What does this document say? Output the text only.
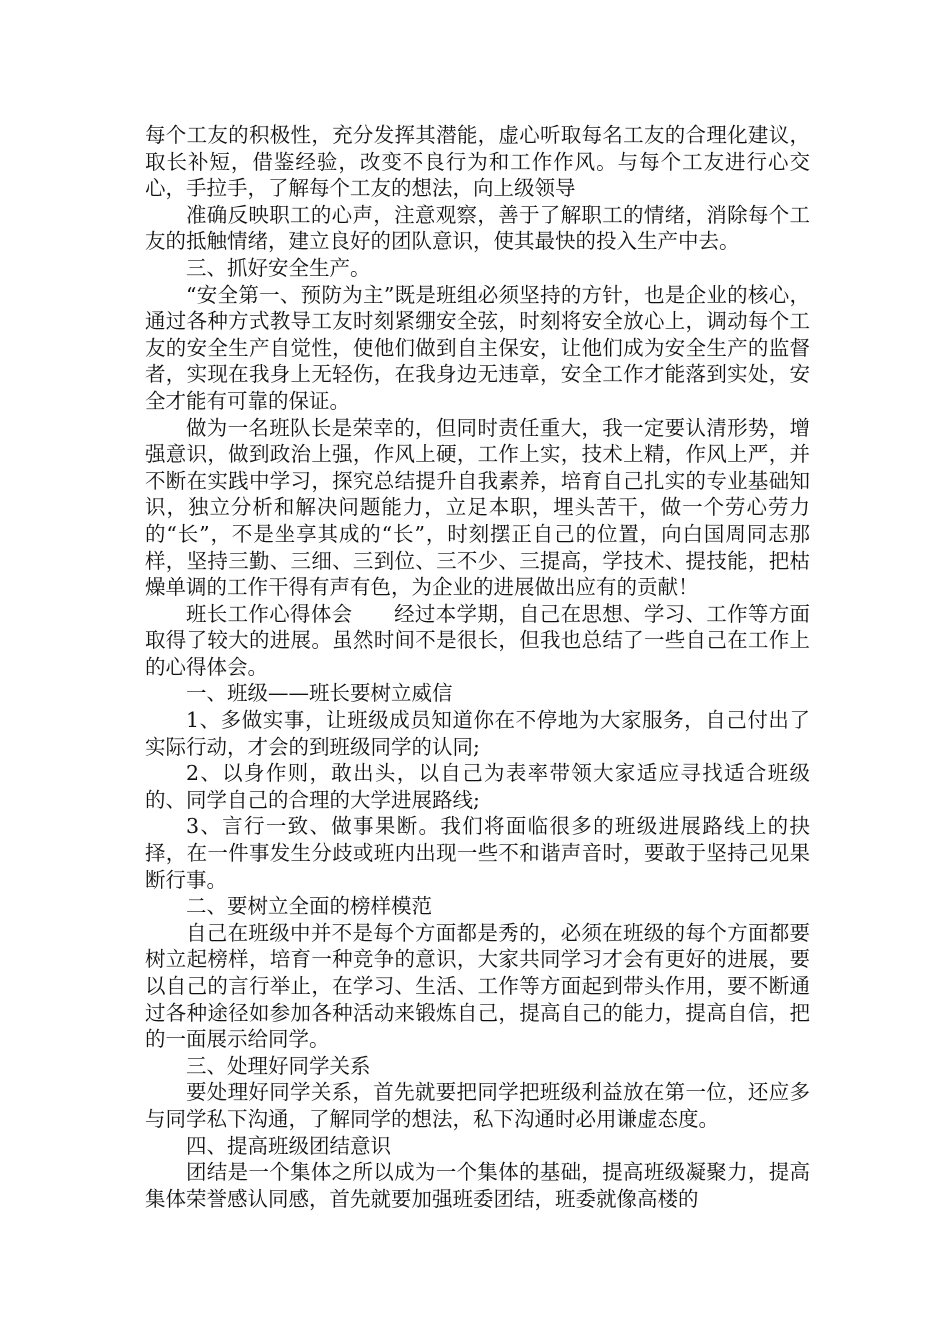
每个工友的积极性，充分发挥其潜能，虚心听取每名工友的合理化建议，取长补短，借鉴经验，改变不良行为和工作作风。与每个工友进行心交心，手拉手，了解每个工友的想法，向上级领导

准确反映职工的心声，注意观察，善于了解职工的情绪，消除每个工友的抵触情绪，建立良好的团队意识，使其最快的投入生产中去。

三、抓好安全生产。

“安全第一、预防为主”既是班组必须坚持的方针，也是企业的核心，通过各种方式教导工友时刻紧绷安全弦，时刻将安全放心上，调动每个工友的安全生产自觉性，使他们做到自主保安，让他们成为安全生产的监督者，实现在我身上无轻伤，在我身边无违章，安全工作才能落到实处，安全才能有可靠的保证。

做为一名班队长是荣幸的，但同时责任重大，我一定要认清形势，增强意识，做到政治上强，作风上硬，工作上实，技术上精，作风上严，并不断在实践中学习，探究总结提升自我素养，培育自己扎实的专业基础知识，独立分析和解决问题能力，立足本职，埋头苦干，做一个劳心劳力的“长”，不是坐享其成的“长”，时刻摆正自己的位置，向白国周同志那样，坚持三勤、三细、三到位、三不少、三提高，学技术、提技能，把枯燥单调的工作干得有声有色，为企业的进展做出应有的贡献！

班长工作心得体会　　经过本学期，自己在思想、学习、工作等方面取得了较大的进展。虽然时间不是很长，但我也总结了一些自己在工作上的心得体会。

一、班级——班长要树立威信

1、多做实事，让班级成员知道你在不停地为大家服务，自己付出了实际行动，才会的到班级同学的认同;

2、以身作则，敢出头，以自己为表率带领大家适应寻找适合班级的、同学自己的合理的大学进展路线;

3、言行一致、做事果断。我们将面临很多的班级进展路线上的抉择，在一件事发生分歧或班内出现一些不和谐声音时，要敢于坚持己见果断行事。

二、要树立全面的榜样模范

自己在班级中并不是每个方面都是秀的，必须在班级的每个方面都要树立起榜样，培育一种竞争的意识，大家共同学习才会有更好的进展，要以自己的言行举止，在学习、生活、工作等方面起到带头作用，要不断通过各种途径如参加各种活动来锻炼自己，提高自己的能力，提高自信，把的一面展示给同学。

三、处理好同学关系

要处理好同学关系，首先就要把同学把班级利益放在第一位，还应多与同学私下沟通，了解同学的想法，私下沟通时必用谦虚态度。

四、提高班级团结意识

团结是一个集体之所以成为一个集体的基础，提高班级凝聚力，提高集体荣誉感认同感，首先就要加强班委团结，班委就像高楼的
